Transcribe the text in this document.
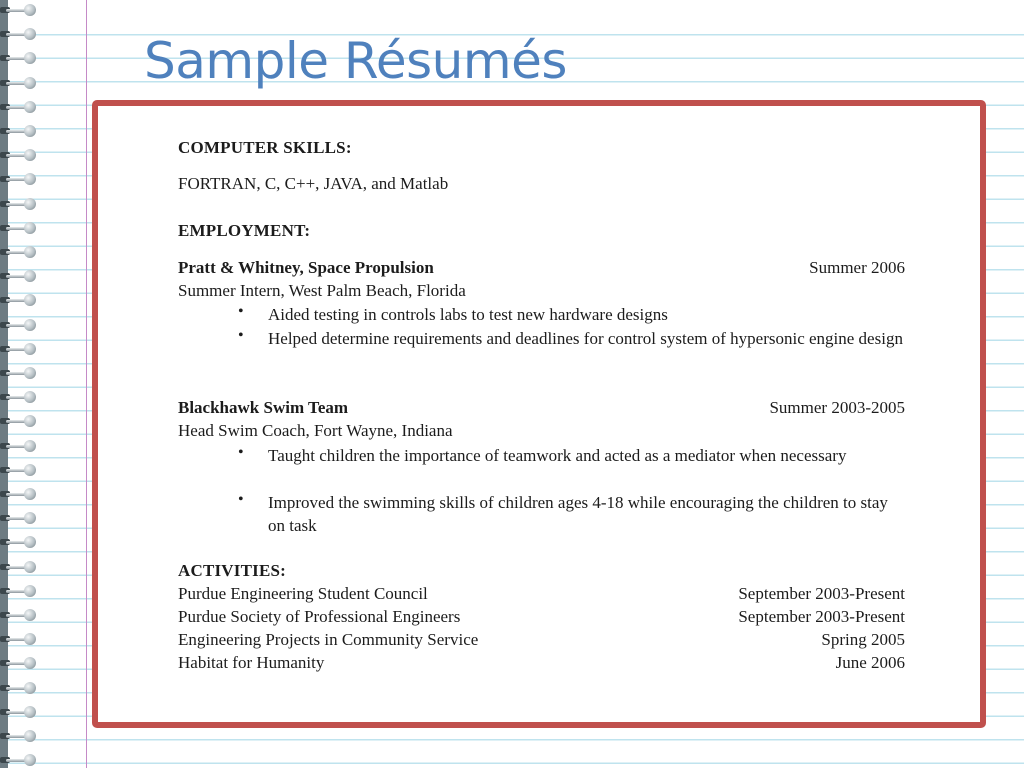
Sample Résumés
COMPUTER SKILLS:
FORTRAN, C, C++, JAVA, and Matlab
EMPLOYMENT:
Pratt & Whitney, Space Propulsion	Summer 2006
Summer Intern, West Palm Beach, Florida
• Aided testing in controls labs to test new hardware designs
• Helped determine requirements and deadlines for control system of hypersonic engine design
Blackhawk Swim Team	Summer 2003-2005
Head Swim Coach, Fort Wayne, Indiana
• Taught children the importance of teamwork and acted as a mediator when necessary
• Improved the swimming skills of children ages 4-18 while encouraging the children to stay on task
ACTIVITIES:
Purdue Engineering Student Council	September 2003-Present
Purdue Society of Professional Engineers	September 2003-Present
Engineering Projects in Community Service	Spring 2005
Habitat for Humanity	June 2006
